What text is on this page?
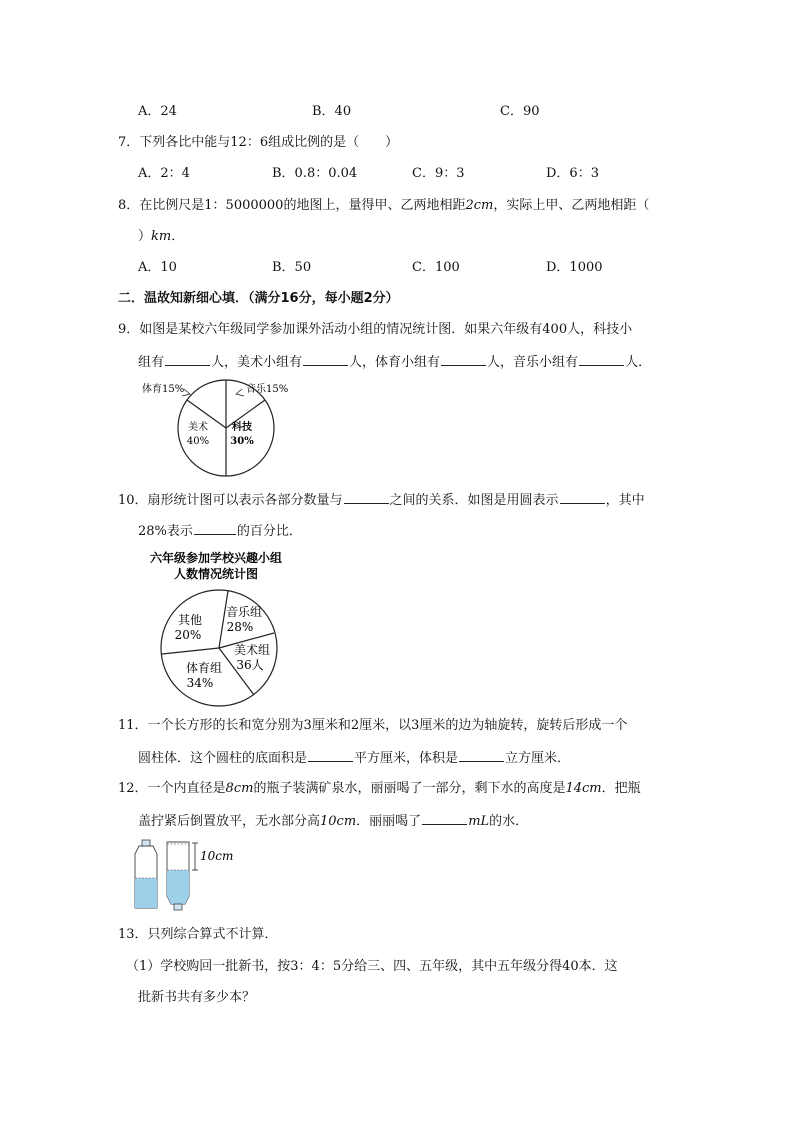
A．24	B．40	C．90
7．下列各比中能与12：6组成比例的是（　　）
A．2：4	B．0.8：0.04	C．9：3	D．6：3
8．在比例尺是1：5000000的地图上，量得甲、乙两地相距2cm，实际上甲、乙两地相距（
）km．
A．10	B．50	C．100	D．1000
二．温故知新细心填．（满分16分，每小题2分）
9．如图是某校六年级同学参加课外活动小组的情况统计图．如果六年级有400人，科技小
组有	人，美术小组有	人，体育小组有	人，音乐小组有	人．
体育15%	音乐15%
科技
30%
美术
40%
10．扇形统计图可以表示各部分数量与	之间的关系．如图是用圆表示	，其中
28%表示	的百分比．
六年级参加学校兴趣小组
人数情况统计图
音乐组
28%
美术组
36人
体育组
34%
其他
20%
11．一个长方形的长和宽分别为3厘米和2厘米，以3厘米的边为轴旋转，旋转后形成一个
圆柱体．这个圆柱的底面积是	平方厘米，体积是	立方厘米．
12．一个内直径是8cm的瓶子装满矿泉水，丽丽喝了一部分，剩下水的高度是14cm．把瓶
盖拧紧后倒置放平，无水部分高10cm．丽丽喝了	mL的水．
10cm
13．只列综合算式不计算．
（1）学校购回一批新书，按3：4：5分给三、四、五年级，其中五年级分得40本．这
批新书共有多少本？
